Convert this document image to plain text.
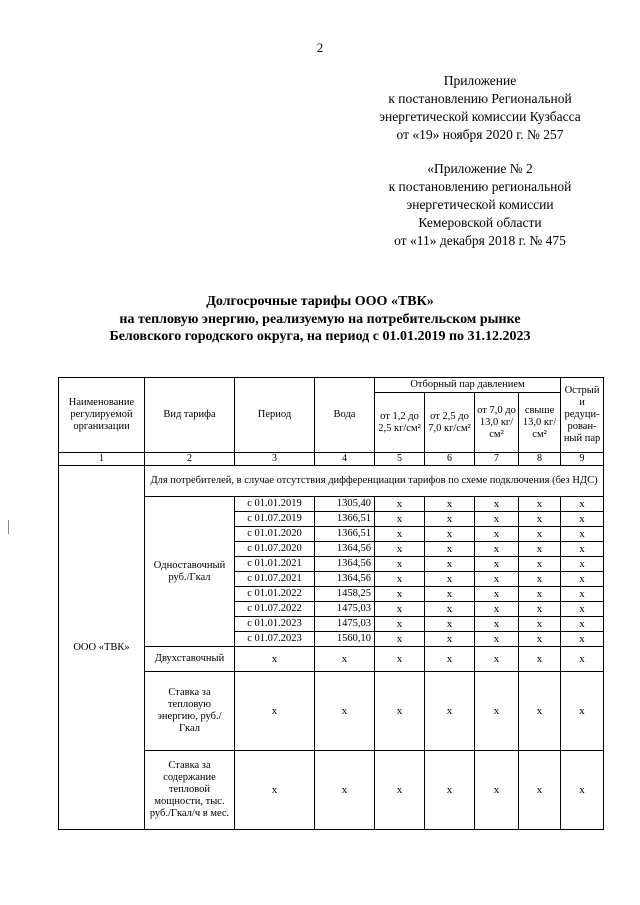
2
Приложение
к постановлению Региональной
энергетической комиссии Кузбасса
от «19» ноября 2020 г. № 257
«Приложение № 2
к постановлению региональной
энергетической комиссии
Кемеровской области
от «11» декабря 2018 г. № 475
Долгосрочные тарифы ООО «ТВК»
на тепловую энергию, реализуемую на потребительском рынке
Беловского городского округа, на период с 01.01.2019 по 31.12.2023
Наименование регулируемой организации	Вид тарифа	Период	Вода	Отборный пар давлением				Острый и редуци-рован-ный пар
				от 1,2 до 2,5 кг/см²	от 2,5 до 7,0 кг/см²	от 7,0 до 13,0 кг/см²	свыше 13,0 кг/см²	
1	2	3	4	5	6	7	8	9
ООО «ТВК»	Для потребителей, в случае отсутствия дифференциации тарифов по схеме подключения (без НДС)							
	Одноставочный руб./Гкал	с 01.01.2019	1305,40	х	х	х	х	х
		с 01.07.2019	1366,51	х	х	х	х	х
		с 01.01.2020	1366,51	х	х	х	х	х
		с 01.07.2020	1364,56	х	х	х	х	х
		с 01.01.2021	1364,56	х	х	х	х	х
		с 01.07.2021	1364,56	х	х	х	х	х
		с 01.01.2022	1458,25	х	х	х	х	х
		с 01.07.2022	1475,03	х	х	х	х	х
		с 01.01.2023	1475,03	х	х	х	х	х
		с 01.07.2023	1560,10	х	х	х	х	х
	Двухставочный	х	х	х	х	х	х	х
	Ставка за тепловую энергию, руб./Гкал	х	х	х	х	х	х	х
	Ставка за содержание тепловой мощности, тыс. руб./Гкал/ч в мес.	х	х	х	х	х	х	х
